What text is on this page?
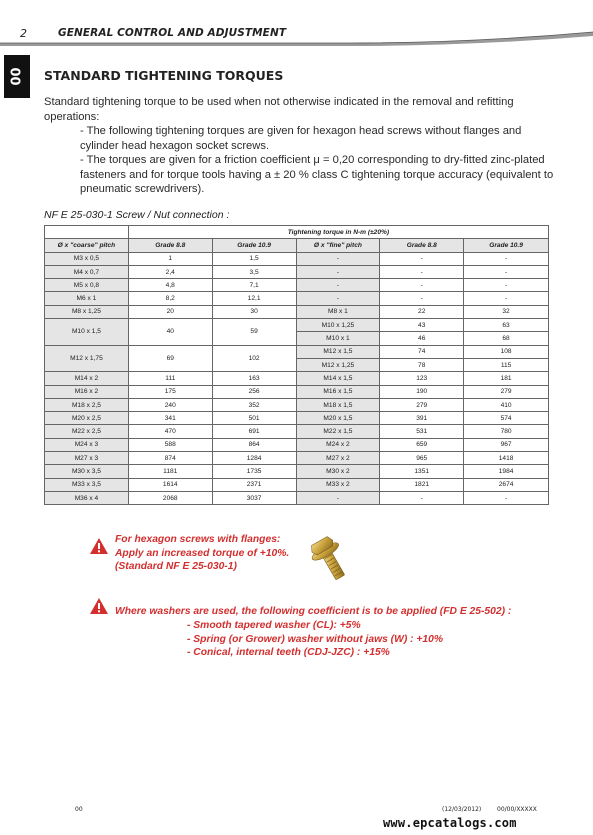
2	GENERAL CONTROL AND ADJUSTMENT
00 STANDARD TIGHTENING TORQUES
Standard tightening torque to be used when not otherwise indicated in the removal and refitting operations:
- The following tightening torques are given for hexagon head screws without flanges and cylinder head hexagon socket screws.
- The torques are given for a friction coefficient μ = 0,20 corresponding to dry-fitted zinc-plated fasteners and for torque tools having a ± 20 % class C tightening torque accuracy (equivalent to pneumatic screwdrivers).
NF E 25-030-1 Screw / Nut connection :
	Tightening torque in N-m (±20%)				
Ø x "coarse" pitch	Grade 8.8	Grade 10.9	Ø x "fine" pitch	Grade 8.8	Grade 10.9
M3 x 0,5	1	1,5	-	-	-
M4 x 0,7	2,4	3,5	-	-	-
M5 x 0,8	4,8	7,1	-	-	-
M6 x 1	8,2	12,1	-	-	-
M8 x 1,25	20	30	M8 x 1	22	32
M10 x 1,5	40	59	M10 x 1,25	43	63
			M10 x 1	46	68
M12 x 1,75	69	102	M12 x 1,5	74	108
			M12 x 1,25	78	115
M14 x 2	111	163	M14 x 1,5	123	181
M16 x 2	175	256	M16 x 1,5	190	279
M18 x 2,5	240	352	M18 x 1,5	279	410
M20 x 2,5	341	501	M20 x 1,5	391	574
M22 x 2,5	470	691	M22 x 1,5	531	780
M24 x 3	588	864	M24 x 2	659	967
M27 x 3	874	1284	M27 x 2	965	1418
M30 x 3,5	1181	1735	M30 x 2	1351	1984
M33 x 3,5	1614	2371	M33 x 2	1821	2674
M36 x 4	2068	3037	-	-	-
For hexagon screws with flanges:
Apply an increased torque of +10%.
(Standard NF E 25-030-1)
Where washers are used, the following coefficient is to be applied (FD E 25-502) :
- Smooth tapered washer (CL): +5%
- Spring (or Grower) washer without jaws (W) : +10%
- Conical, internal teeth (CDJ-JZC) : +15%
00	(12/03/2012)	00/00/XXXXX
www.epcatalogs.com
